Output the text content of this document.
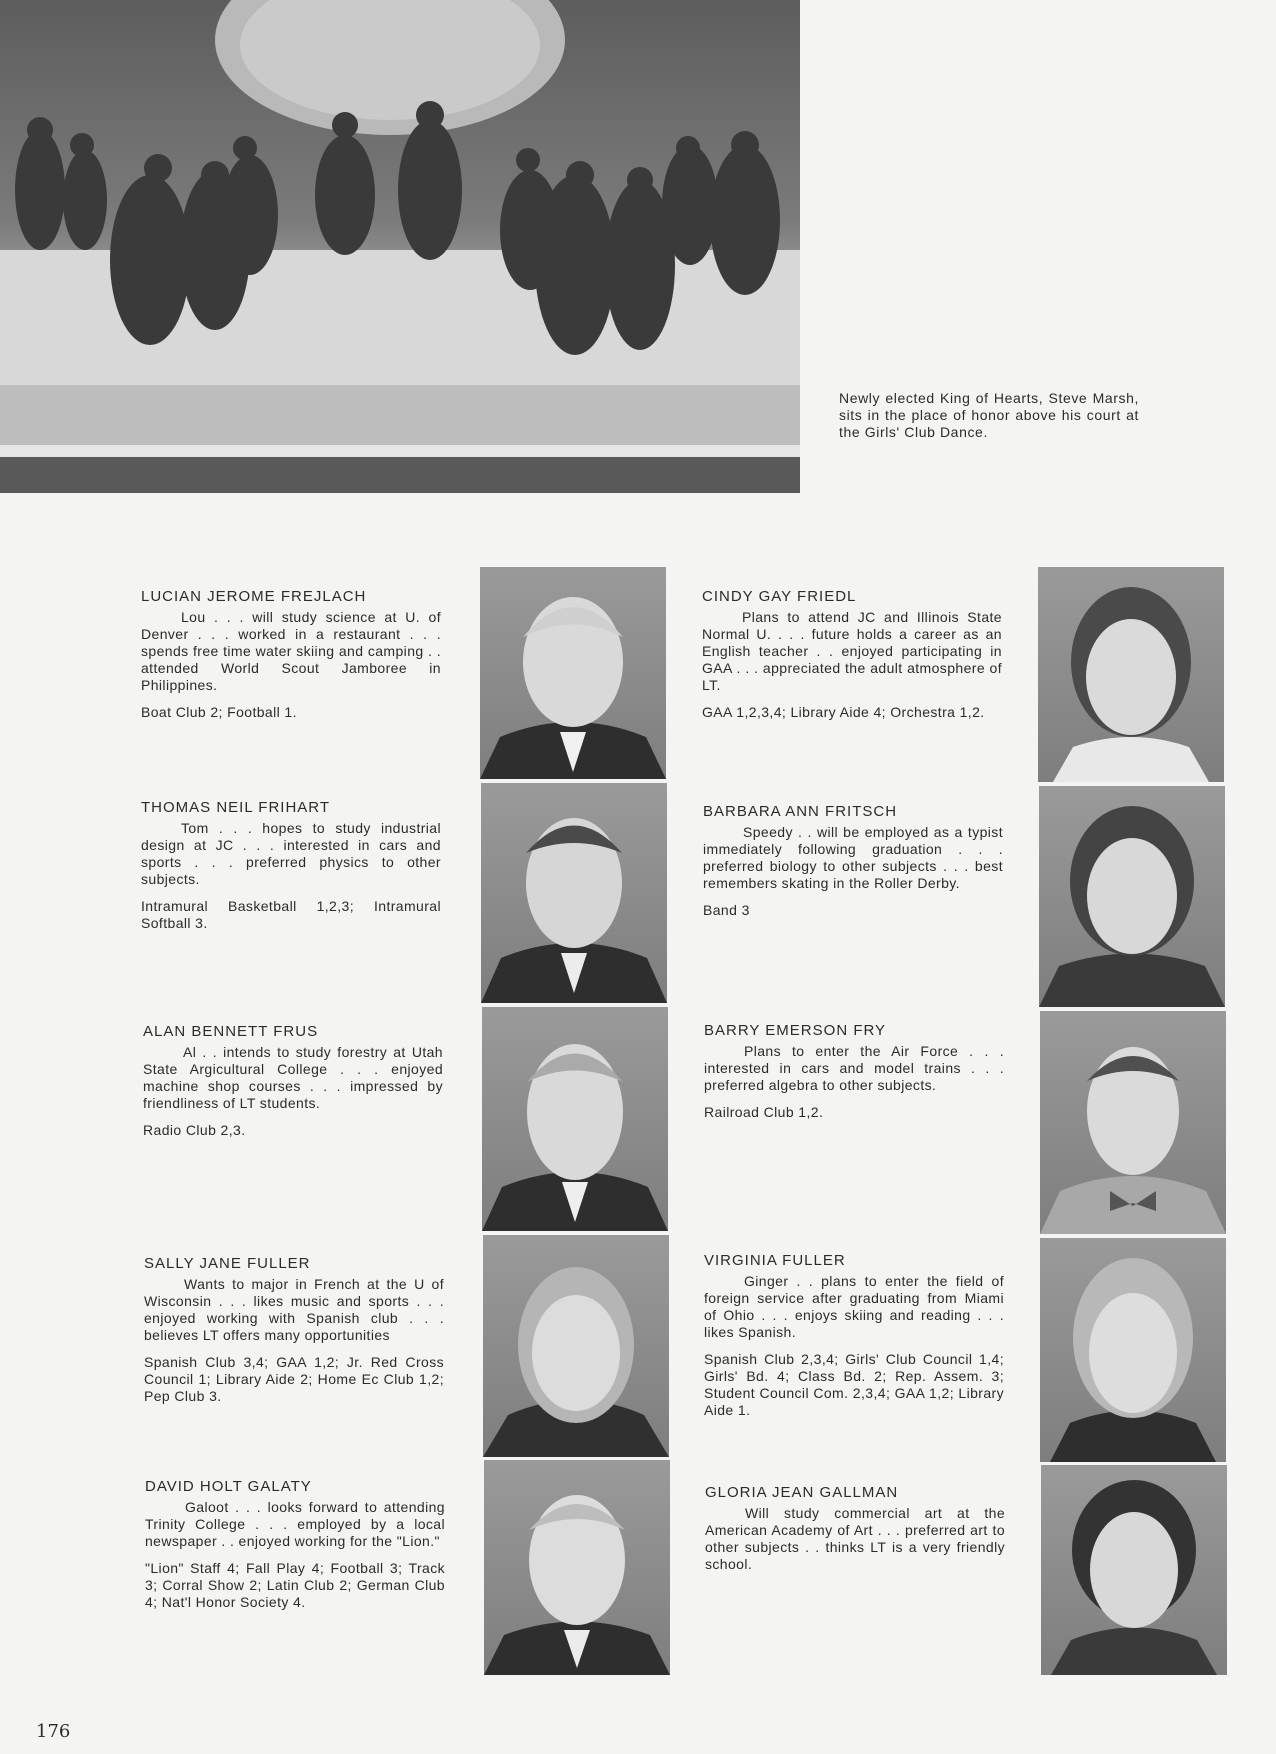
Newly elected King of Hearts, Steve Marsh, sits in the place of honor above his court at the Girls' Club Dance.
LUCIAN JEROME FREJLACH
Lou . . . will study science at U. of Denver . . . worked in a restaurant . . . spends free time water skiing and camping . . attended World Scout Jamboree in Philippines.
Boat Club 2; Football 1.
THOMAS NEIL FRIHART
Tom . . . hopes to study industrial design at JC . . . interested in cars and sports . . . preferred physics to other subjects.
Intramural Basketball 1,2,3; Intramural Softball 3.
ALAN BENNETT FRUS
Al . . intends to study forestry at Utah State Argicultural College . . . enjoyed machine shop courses . . . impressed by friendliness of LT students.
Radio Club 2,3.
SALLY JANE FULLER
Wants to major in French at the U of Wisconsin . . . likes music and sports . . . enjoyed working with Spanish club . . . believes LT offers many opportunities
Spanish Club 3,4; GAA 1,2; Jr. Red Cross Council 1; Library Aide 2; Home Ec Club 1,2; Pep Club 3.
DAVID HOLT GALATY
Galoot . . . looks forward to attending Trinity College . . . employed by a local newspaper . . enjoyed working for the "Lion."
"Lion" Staff 4; Fall Play 4; Football 3; Track 3; Corral Show 2; Latin Club 2; German Club 4; Nat'l Honor Society 4.
CINDY GAY FRIEDL
Plans to attend JC and Illinois State Normal U. . . . future holds a career as an English teacher . . enjoyed participating in GAA . . . appreciated the adult atmosphere of LT.
GAA 1,2,3,4; Library Aide 4; Orchestra 1,2.
BARBARA ANN FRITSCH
Speedy . . will be employed as a typist immediately following graduation . . . preferred biology to other subjects . . . best remembers skating in the Roller Derby.
Band 3
BARRY EMERSON FRY
Plans to enter the Air Force . . . interested in cars and model trains . . . preferred algebra to other subjects.
Railroad Club 1,2.
VIRGINIA FULLER
Ginger . . plans to enter the field of foreign service after graduating from Miami of Ohio . . . enjoys skiing and reading . . . likes Spanish.
Spanish Club 2,3,4; Girls' Club Council 1,4; Girls' Bd. 4; Class Bd. 2; Rep. Assem. 3; Student Council Com. 2,3,4; GAA 1,2; Library Aide 1.
GLORIA JEAN GALLMAN
Will study commercial art at the American Academy of Art . . . preferred art to other subjects . . thinks LT is a very friendly school.
176
